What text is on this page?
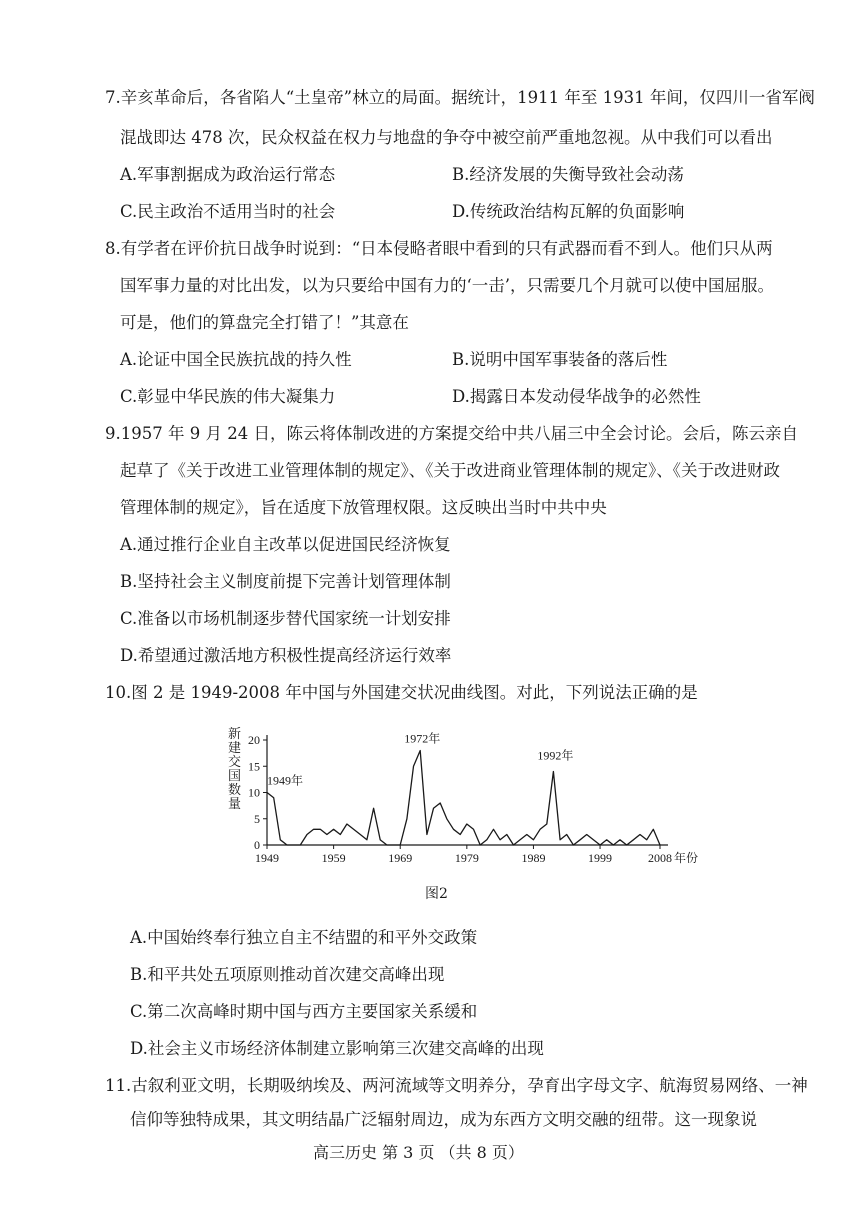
7.辛亥革命后，各省陷人“土皇帝”林立的局面。据统计，1911 年至 1931 年间，仅四川一省军阀
混战即达 478 次，民众权益在权力与地盘的争夺中被空前严重地忽视。从中我们可以看出
A.军事割据成为政治运行常态	B.经济发展的失衡导致社会动荡
C.民主政治不适用当时的社会	D.传统政治结构瓦解的负面影响
8.有学者在评价抗日战争时说到：“日本侵略者眼中看到的只有武器而看不到人。他们只从两
国军事力量的对比出发，以为只要给中国有力的‘一击’，只需要几个月就可以使中国屈服。
可是，他们的算盘完全打错了！”其意在
A.论证中国全民族抗战的持久性	B.说明中国军事装备的落后性
C.彰显中华民族的伟大凝集力	D.揭露日本发动侵华战争的必然性
9.1957 年 9 月 24 日，陈云将体制改进的方案提交给中共八届三中全会讨论。会后，陈云亲自
起草了《关于改进工业管理体制的规定》、《关于改进商业管理体制的规定》、《关于改进财政
管理体制的规定》，旨在适度下放管理权限。这反映出当时中共中央
A.通过推行企业自主改革以促进国民经济恢复
B.坚持社会主义制度前提下完善计划管理体制
C.准备以市场机制逐步替代国家统一计划安排
D.希望通过激活地方积极性提高经济运行效率
10.图 2 是 1949-2008 年中国与外国建交状况曲线图。对此，下列说法正确的是
0
5
10
15
20
1949	1959	1969	1979	1989	1999	2008
1949年
1972年
1992年
新建交国数量
年份
图2
A.中国始终奉行独立自主不结盟的和平外交政策
B.和平共处五项原则推动首次建交高峰出现
C.第二次高峰时期中国与西方主要国家关系缓和
D.社会主义市场经济体制建立影响第三次建交高峰的出现
11.古叙利亚文明，长期吸纳埃及、两河流域等文明养分，孕育出字母文字、航海贸易网络、一神
信仰等独特成果，其文明结晶广泛辐射周边，成为东西方文明交融的纽带。这一现象说
高三历史 第 3 页 （共 8 页）
